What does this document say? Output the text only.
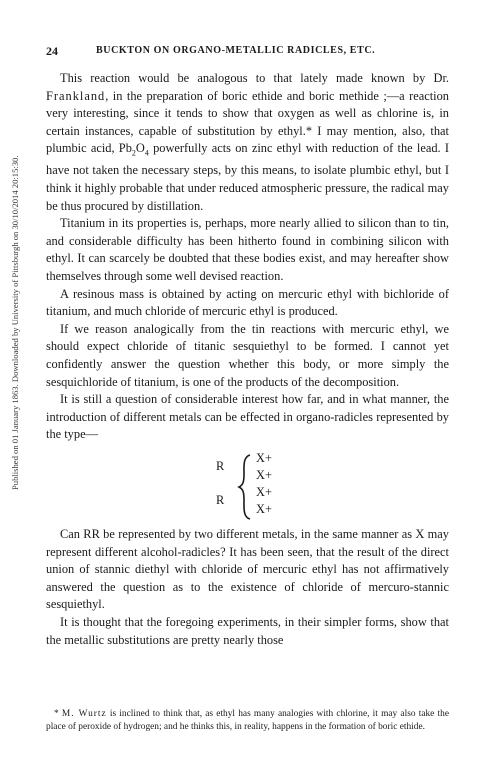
Published on 01 January 1863. Downloaded by University of Pittsburgh on 30/10/2014 20:15:30.
24	BUCKTON ON ORGANO-METALLIC RADICLES, ETC.

This reaction would be analogous to that lately made known by Dr. Frankland, in the preparation of boric ethide and boric methide ;—a reaction very interesting, since it tends to show that oxygen as well as chlorine is, in certain instances, capable of substitution by ethyl.* I may mention, also, that plumbic acid, $Pb_2O_4$ powerfully acts on zinc ethyl with reduction of the lead. I have not taken the necessary steps, by this means, to isolate plumbic ethyl, but I think it highly probable that under reduced atmospheric pressure, the radical may be thus procured by distillation.

Titanium in its properties is, perhaps, more nearly allied to silicon than to tin, and considerable difficulty has been hitherto found in combining silicon with ethyl. It can scarcely be doubted that these bodies exist, and may hereafter show themselves through some well devised reaction.

A resinous mass is obtained by acting on mercuric ethyl with bichloride of titanium, and much chloride of mercuric ethyl is produced.

If we reason analogically from the tin reactions with mercuric ethyl, we should expect chloride of titanic sesquiethyl to be formed. I cannot yet confidently answer the question whether this body, or more simply the sesquichloride of titanium, is one of the products of the decomposition.

It is still a question of considerable interest how far, and in what manner, the introduction of different metals can be effected in organo-radicles represented by the type—

R
R
X+
X+
X+
X+

Can RR be represented by two different metals, in the same manner as X may represent different alcohol-radicles? It has been seen, that the result of the direct union of stannic diethyl with chloride of mercuric ethyl has not affirmatively answered the question as to the existence of chloride of mercuro-stannic sesquiethyl.

It is thought that the foregoing experiments, in their simpler forms, show that the metallic substitutions are pretty nearly those

* M. Wurtz is inclined to think that, as ethyl has many analogies with chlorine, it may also take the place of peroxide of hydrogen; and he thinks this, in reality, happens in the formation of boric ethide.
